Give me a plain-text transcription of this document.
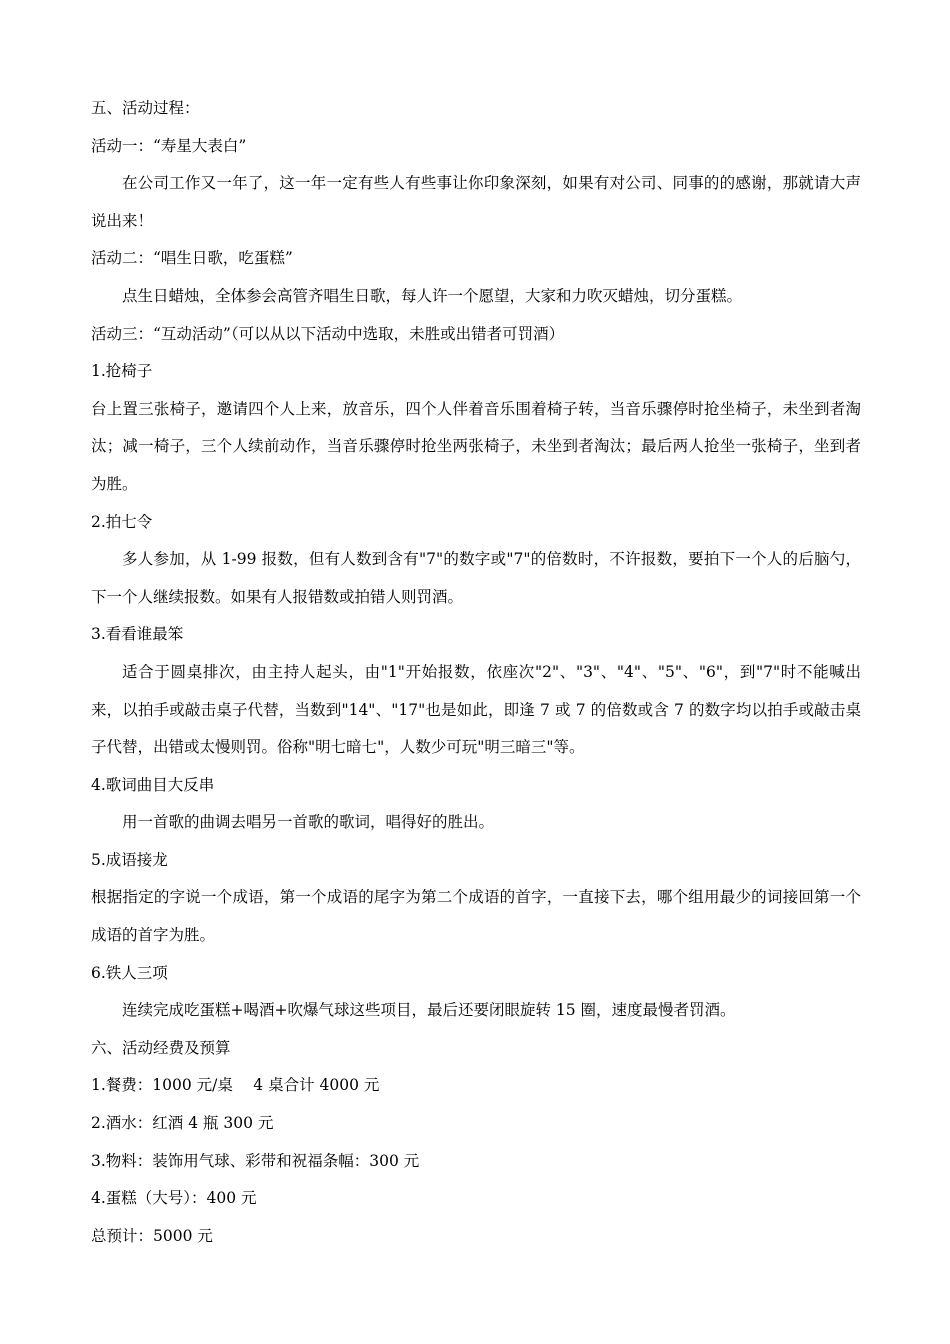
五、活动过程：

活动一：“寿星大表白”

在公司工作又一年了，这一年一定有些人有些事让你印象深刻，如果有对公司、同事的的感谢，那就请大声说出来！

活动二：“唱生日歌，吃蛋糕”

点生日蜡烛，全体参会高管齐唱生日歌，每人许一个愿望，大家和力吹灭蜡烛，切分蛋糕。

活动三：“互动活动”（可以从以下活动中选取，未胜或出错者可罚酒）

1.抢椅子

台上置三张椅子，邀请四个人上来，放音乐，四个人伴着音乐围着椅子转，当音乐骤停时抢坐椅子，未坐到者淘汰；减一椅子，三个人续前动作，当音乐骤停时抢坐两张椅子，未坐到者淘汰；最后两人抢坐一张椅子，坐到者为胜。

2.拍七令

多人参加，从 1-99 报数，但有人数到含有"7"的数字或"7"的倍数时，不许报数，要拍下一个人的后脑勺，下一个人继续报数。如果有人报错数或拍错人则罚酒。

3.看看谁最笨

适合于圆桌排次，由主持人起头，由"1"开始报数，依座次"2"、"3"、"4"、"5"、"6"，到"7"时不能喊出来，以拍手或敲击桌子代替，当数到"14"、"17"也是如此，即逢 7 或 7 的倍数或含 7 的数字均以拍手或敲击桌子代替，出错或太慢则罚。俗称"明七暗七"，人数少可玩"明三暗三"等。

4.歌词曲目大反串

用一首歌的曲调去唱另一首歌的歌词，唱得好的胜出。

5.成语接龙

根据指定的字说一个成语，第一个成语的尾字为第二个成语的首字，一直接下去，哪个组用最少的词接回第一个成语的首字为胜。

6.铁人三项

连续完成吃蛋糕+喝酒+吹爆气球这些项目，最后还要闭眼旋转 15 圈，速度最慢者罚酒。

六、活动经费及预算

1.餐费：1000 元/桌　 4 桌合计 4000 元

2.酒水：红酒 4 瓶 300 元

3.物料：装饰用气球、彩带和祝福条幅：300 元

4.蛋糕（大号）：400 元

总预计：5000 元
